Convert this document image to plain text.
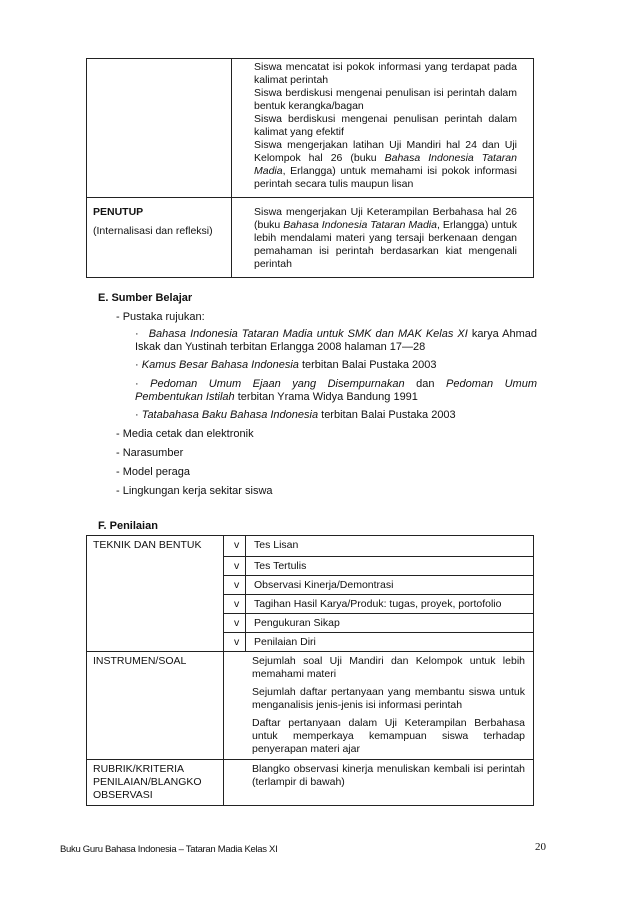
	Siswa mencatat isi pokok informasi yang terdapat pada kalimat perintah

Siswa berdiskusi mengenai penulisan isi perintah dalam bentuk kerangka/bagan

Siswa berdiskusi mengenai penulisan perintah dalam kalimat yang efektif

Siswa mengerjakan latihan Uji Mandiri hal 24 dan Uji Kelompok hal 26 (buku Bahasa Indonesia Tataran Madia, Erlangga) untuk memahami isi pokok informasi perintah secara tulis maupun lisan

PENUTUP

(Internalisasi dan refleksi)	Siswa mengerjakan Uji Keterampilan Berbahasa hal 26 (buku Bahasa Indonesia Tataran Madia, Erlangga) untuk lebih mendalami materi yang tersaji berkenaan dengan pemahaman isi perintah berdasarkan kiat mengenali perintah

E. Sumber Belajar
- Pustaka rujukan:
· Bahasa Indonesia Tataran Madia untuk SMK dan MAK Kelas XI karya Ahmad Iskak dan Yustinah terbitan Erlangga 2008 halaman 17—28
· Kamus Besar Bahasa Indonesia terbitan Balai Pustaka 2003
· Pedoman Umum Ejaan yang Disempurnakan dan Pedoman Umum Pembentukan Istilah terbitan Yrama Widya Bandung 1991
· Tatabahasa Baku Bahasa Indonesia terbitan Balai Pustaka 2003
- Media cetak dan elektronik
- Narasumber
- Model peraga
- Lingkungan kerja sekitar siswa
F. Penilaian
TEKNIK DAN BENTUK	v	Tes Lisan
	v	Tes Tertulis
	v	Observasi Kinerja/Demontrasi
	v	Tagihan Hasil Karya/Produk: tugas, proyek, portofolio
	v	Pengukuran Sikap
	v	Penilaian Diri
INSTRUMEN/SOAL	Sejumlah soal Uji Mandiri dan Kelompok untuk lebih memahami materi

Sejumlah daftar pertanyaan yang membantu siswa untuk menganalisis jenis-jenis isi informasi perintah

Daftar pertanyaan dalam Uji Keterampilan Berbahasa untuk memperkaya kemampuan siswa terhadap penyerapan materi ajar	

RUBRIK/KRITERIA
PENILAIAN/BLANGKO
OBSERVASI	Blangko observasi kinerja menuliskan kembali isi perintah (terlampir di bawah)	

Buku Guru Bahasa Indonesia – Tataran Madia Kelas XI	20
